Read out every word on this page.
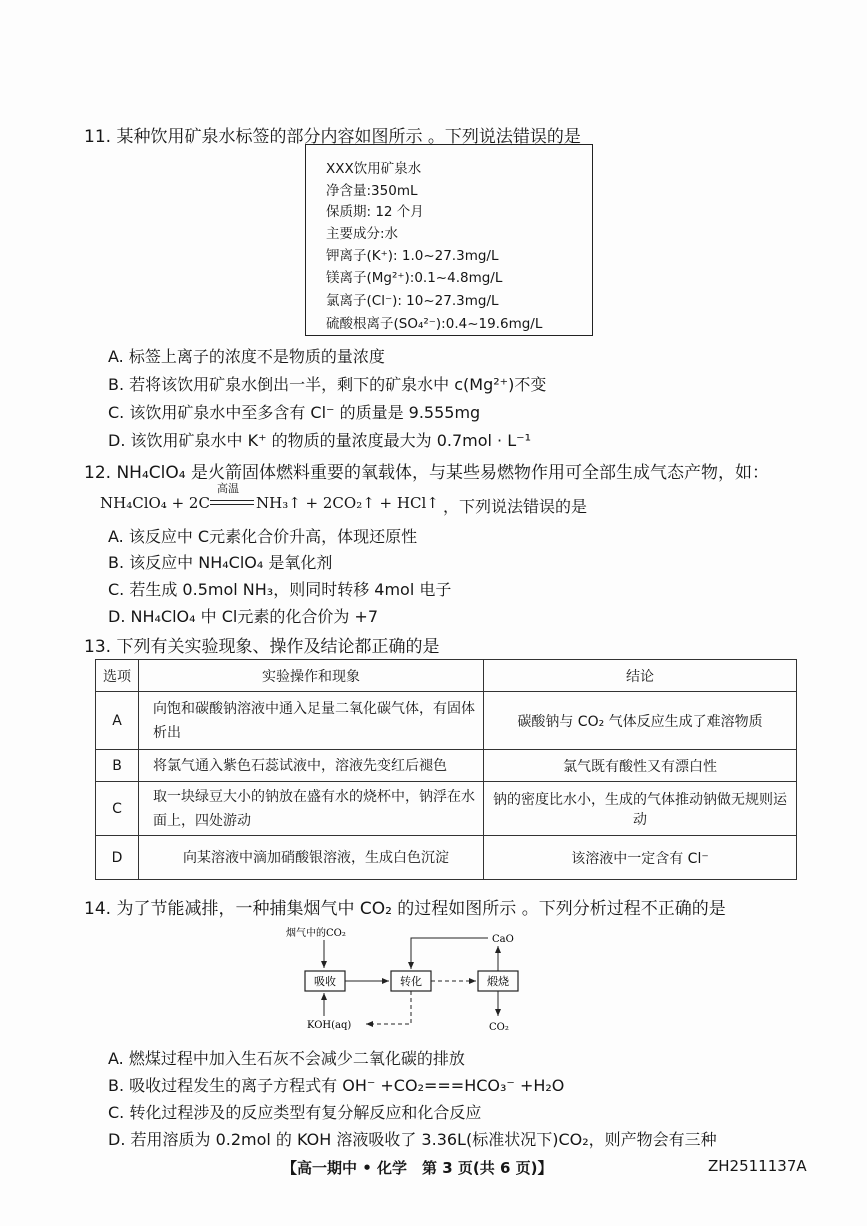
11. 某种饮用矿泉水标签的部分内容如图所示 。下列说法错误的是
XXX饮用矿泉水
净含量:350mL
保质期: 12 个月
主要成分:水
钾离子(K⁺): 1.0~27.3mg/L
镁离子(Mg²⁺):0.1~4.8mg/L
氯离子(Cl⁻): 10~27.3mg/L
硫酸根离子(SO₄²⁻):0.4~19.6mg/L
A. 标签上离子的浓度不是物质的量浓度
B. 若将该饮用矿泉水倒出一半，剩下的矿泉水中 c(Mg²⁺)不变
C. 该饮用矿泉水中至多含有 Cl⁻ 的质量是 9.555mg
D. 该饮用矿泉水中 K⁺ 的物质的量浓度最大为 0.7mol · L⁻¹
12. NH₄ClO₄ 是火箭固体燃料重要的氧载体，与某些易燃物作用可全部生成气态产物，如：
NH₄ClO₄ + 2C
高温
NH₃↑ + 2CO₂↑ + HCl↑ ，下列说法错误的是
A. 该反应中 C元素化合价升高，体现还原性
B. 该反应中 NH₄ClO₄ 是氧化剂
C. 若生成 0.5mol NH₃，则同时转移 4mol 电子
D. NH₄ClO₄ 中 Cl元素的化合价为 +7
13. 下列有关实验现象、操作及结论都正确的是
选项	实验操作和现象	结论
A	向饱和碳酸钠溶液中通入足量二氧化碳气体，有固体析出	碳酸钠与 CO₂ 气体反应生成了难溶物质
B	将氯气通入紫色石蕊试液中，溶液先变红后褪色	氯气既有酸性又有漂白性
C	取一块绿豆大小的钠放在盛有水的烧杯中，钠浮在水面上，四处游动	钠的密度比水小，生成的气体推动钠做无规则运动
D	向某溶液中滴加硝酸银溶液，生成白色沉淀	该溶液中一定含有 Cl⁻
14. 为了节能减排，一种捕集烟气中 CO₂ 的过程如图所示 。下列分析过程不正确的是
烟气中的CO₂
吸收	转化	煅烧
CaO
CO₂
KOH(aq)
A. 燃煤过程中加入生石灰不会减少二氧化碳的排放
B. 吸收过程发生的离子方程式有 OH⁻ +CO₂===HCO₃⁻ +H₂O
C. 转化过程涉及的反应类型有复分解反应和化合反应
D. 若用溶质为 0.2mol 的 KOH 溶液吸收了 3.36L(标准状况下)CO₂，则产物会有三种
【高一期中 • 化学　第 3 页(共 6 页)】	ZH2511137A
